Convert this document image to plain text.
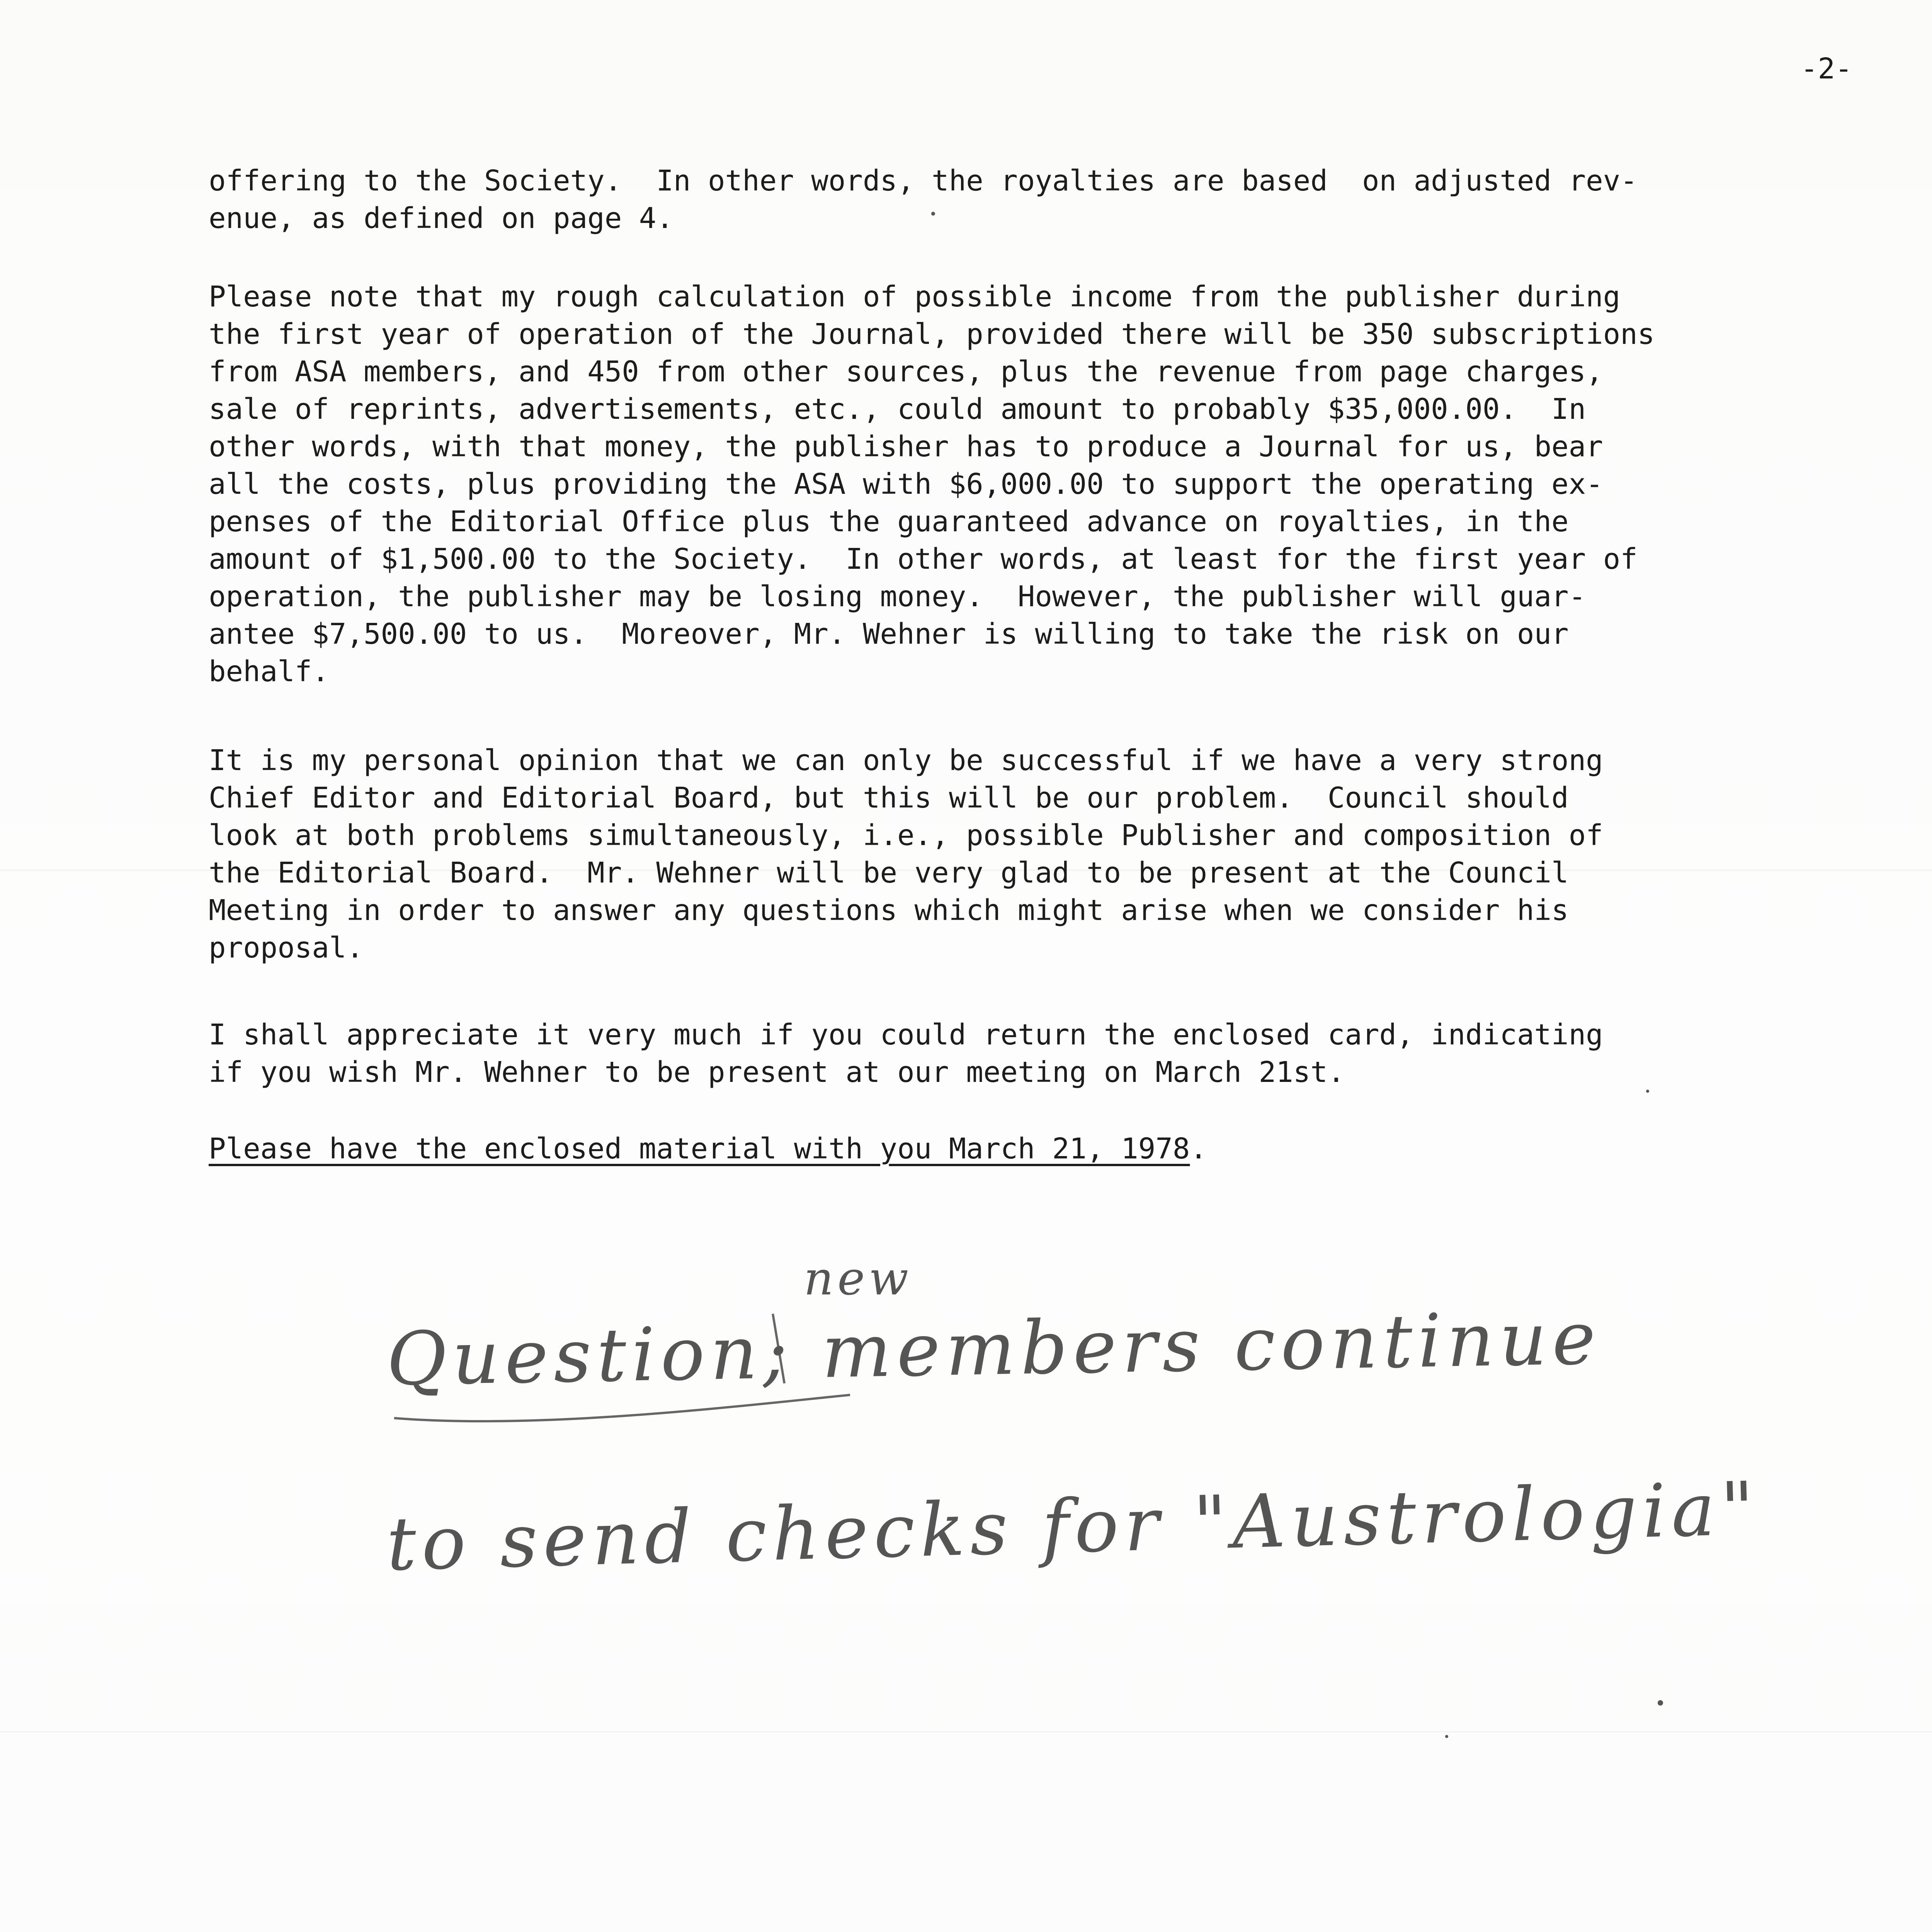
-2-

offering to the Society.  In other words, the royalties are based  on adjusted rev-
enue, as defined on page 4.

Please note that my rough calculation of possible income from the publisher during
the first year of operation of the Journal, provided there will be 350 subscriptions
from ASA members, and 450 from other sources, plus the revenue from page charges,
sale of reprints, advertisements, etc., could amount to probably $35,000.00.  In
other words, with that money, the publisher has to produce a Journal for us, bear
all the costs, plus providing the ASA with $6,000.00 to support the operating ex-
penses of the Editorial Office plus the guaranteed advance on royalties, in the
amount of $1,500.00 to the Society.  In other words, at least for the first year of
operation, the publisher may be losing money.  However, the publisher will guar-
antee $7,500.00 to us.  Moreover, Mr. Wehner is willing to take the risk on our
behalf.

It is my personal opinion that we can only be successful if we have a very strong
Chief Editor and Editorial Board, but this will be our problem.  Council should
look at both problems simultaneously, i.e., possible Publisher and composition of
the Editorial Board.  Mr. Wehner will be very glad to be present at the Council
Meeting in order to answer any questions which might arise when we consider his
proposal.

I shall appreciate it very much if you could return the enclosed card, indicating
if you wish Mr. Wehner to be present at our meeting on March 21st.

Please have the enclosed material with you March 21, 1978.

new
Question; members continue
to send checks for "Austrologia"
